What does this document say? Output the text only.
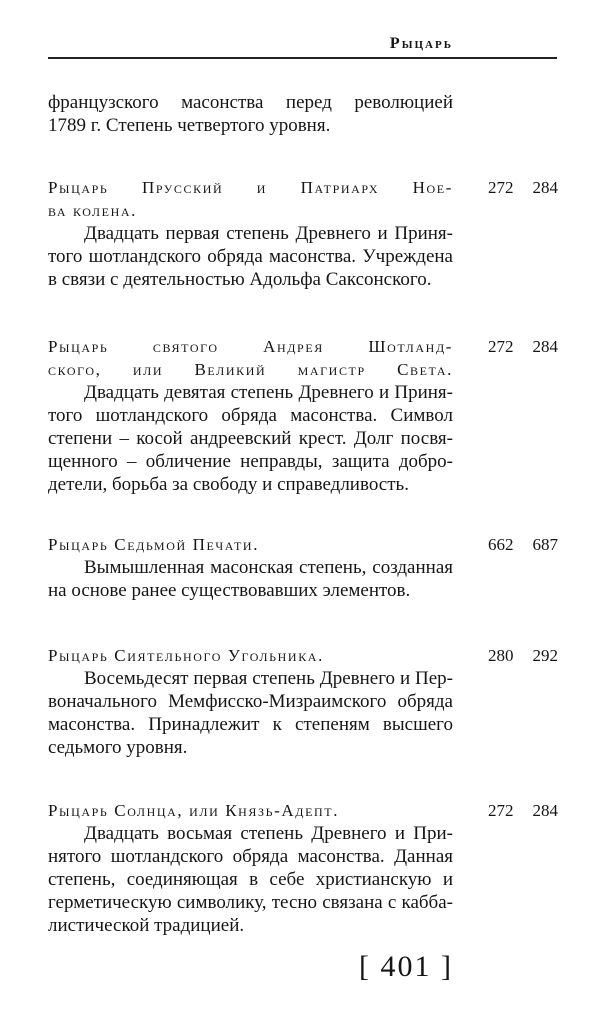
Рыцарь
французского масонства перед революцией
1789 г. Степень четвертого уровня.
Рыцарь Прусский и Патриарх Ное-
ва колена.
Двадцать первая степень Древнего и Приня-
того шотландского обряда масонства. Учреждена
в связи с деятельностью Адольфа Саксонского.
272 284
Рыцарь святого Андрея Шотланд-
ского, или Великий магистр Света.
Двадцать девятая степень Древнего и Приня-
того шотландского обряда масонства. Символ
степени – косой андреевский крест. Долг посвя-
щенного – обличение неправды, защита добро-
детели, борьба за свободу и справедливость.
272 284
Рыцарь Седьмой Печати.
Вымышленная масонская степень, созданная
на основе ранее существовавших элементов.
662 687
Рыцарь Сиятельного Угольника.
Восемьдесят первая степень Древнего и Пер-
воначального Мемфисско-Мизраимского обряда
масонства. Принадлежит к степеням высшего
седьмого уровня.
280 292
Рыцарь Солнца, или Князь-Адепт.
Двадцать восьмая степень Древнего и При-
нятого шотландского обряда масонства. Данная
степень, соединяющая в себе христианскую и
герметическую символику, тесно связана с кабба-
листической традицией.
272 284
[ 401 ]
